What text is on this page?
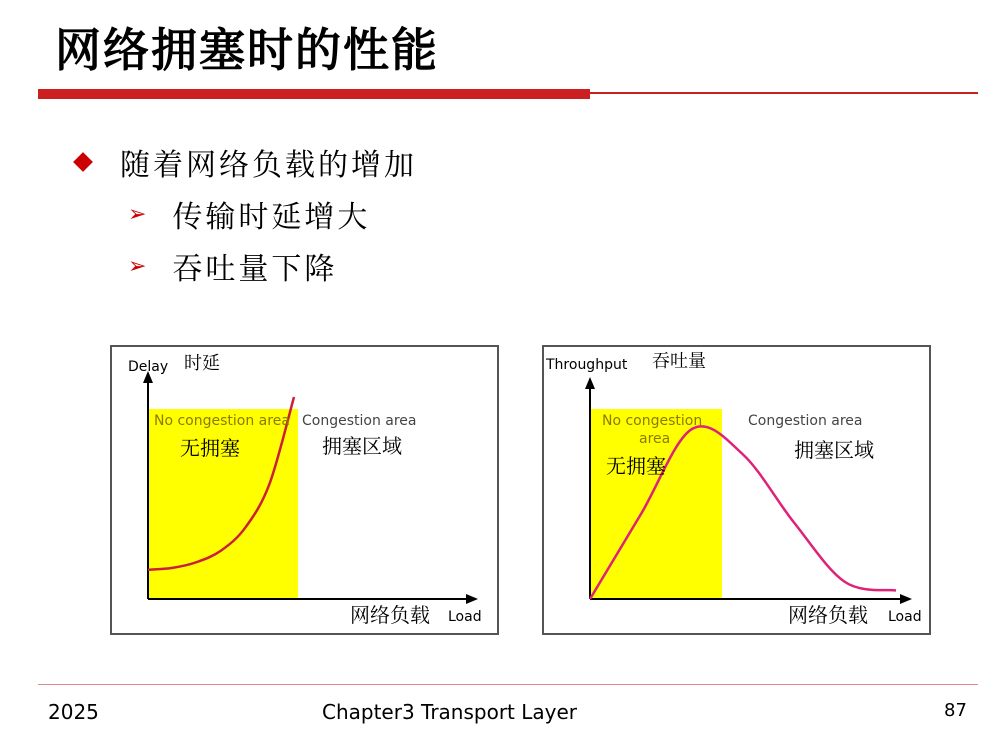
网络拥塞时的性能
随着网络负载的增加
➢ 传输时延增大
➢ 吞吐量下降
Delay 时延
No congestion area
无拥塞
Congestion area
拥塞区域
网络负载 Load
Throughput 吞吐量
No congestion area
无拥塞
Congestion area
拥塞区域
网络负载 Load
2025	Chapter3 Transport Layer	87
